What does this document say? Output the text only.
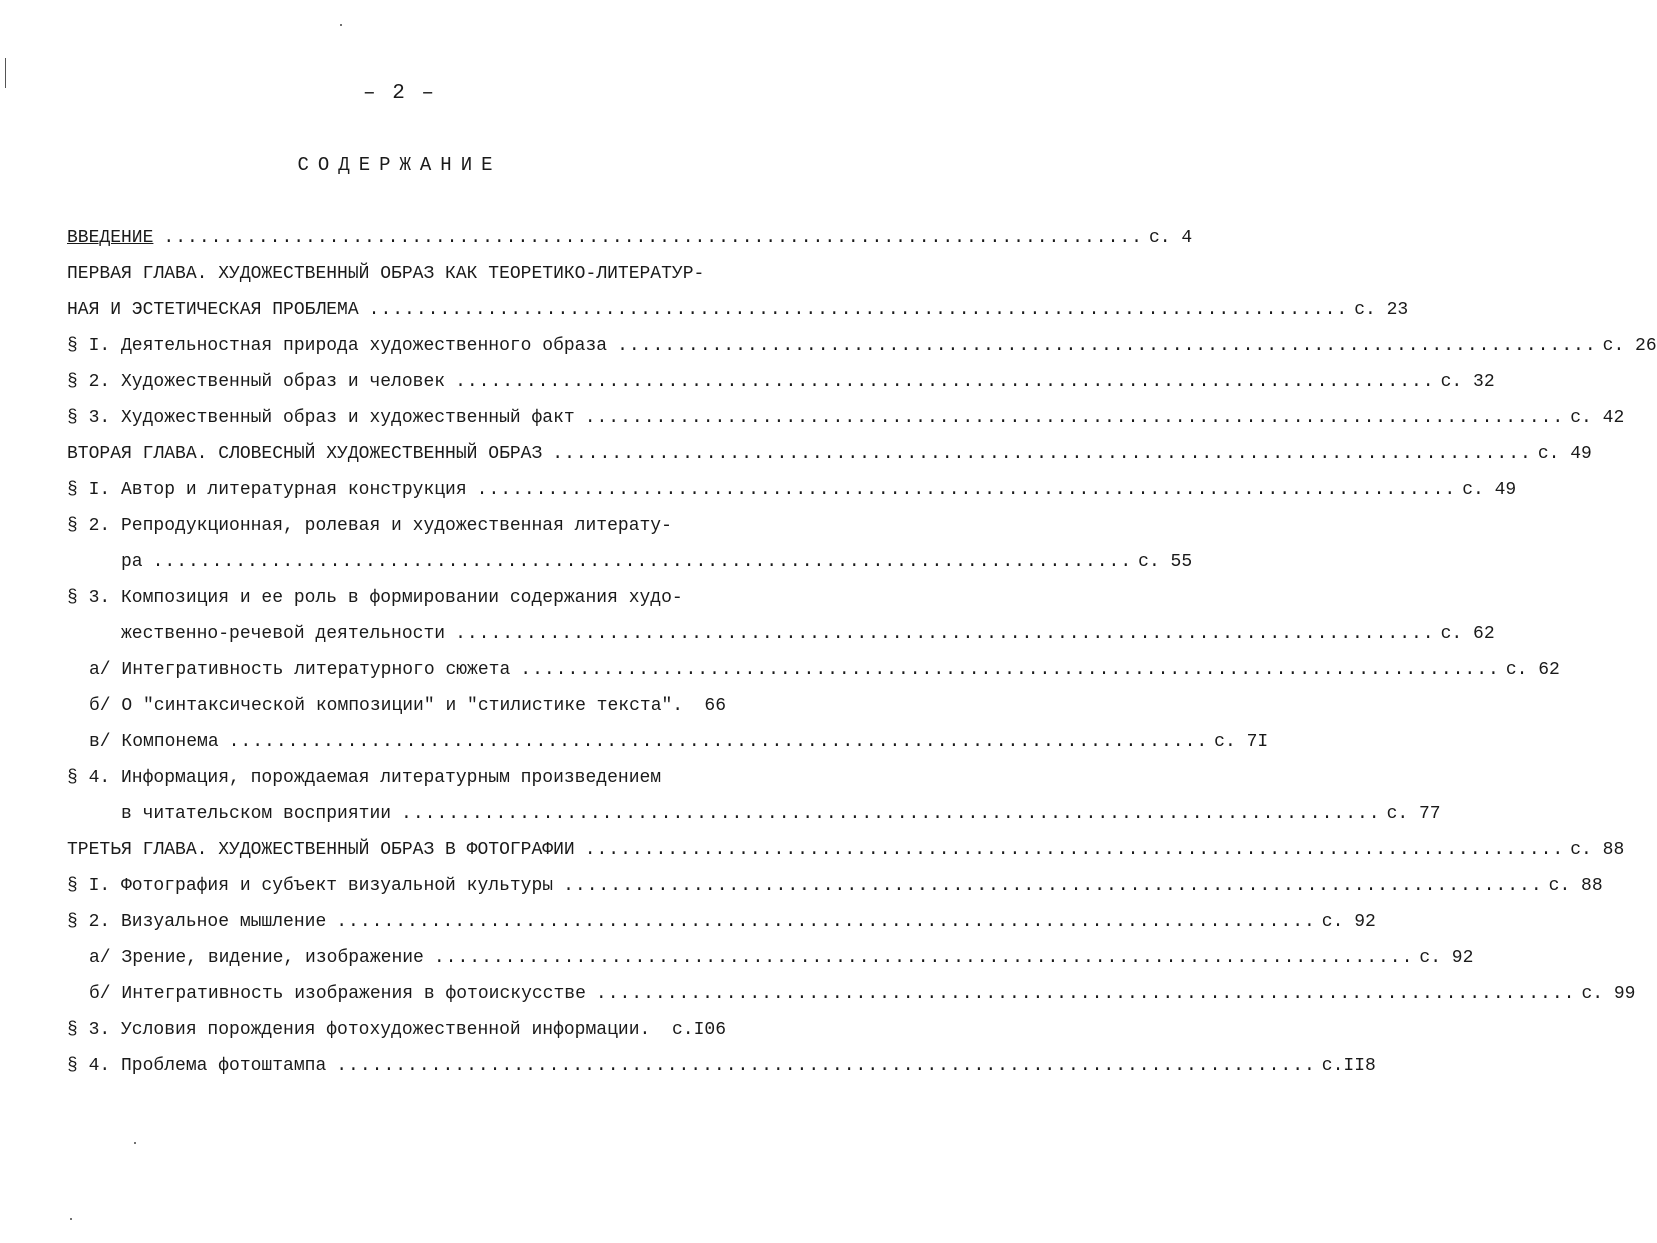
– 2 –
СОДЕРЖАНИЕ
ВВЕДЕНИЕ ................................................................................... с. 4
ПЕРВАЯ ГЛАВА. ХУДОЖЕСТВЕННЫЙ ОБРАЗ КАК ТЕОРЕТИКО-ЛИТЕРАТУР-
НАЯ И ЭСТЕТИЧЕСКАЯ ПРОБЛЕМА ................................................................................... с. 23
§ I. Деятельностная природа художественного образа ................................................................................... с. 26
§ 2. Художественный образ и человек ................................................................................... с. 32
§ 3. Художественный образ и художественный факт ................................................................................... с. 42
ВТОРАЯ ГЛАВА. СЛОВЕСНЫЙ ХУДОЖЕСТВЕННЫЙ ОБРАЗ ................................................................................... с. 49
§ I. Автор и литературная конструкция ................................................................................... с. 49
§ 2. Репродукционная, ролевая и художественная литерату-
ра ................................................................................... с. 55
§ 3. Композиция и ее роль в формировании содержания худо-
жественно-речевой деятельности ................................................................................... с. 62
а/ Интегративность литературного сюжета ................................................................................... с. 62
б/ О "синтаксической композиции" и "стилистике текста". 66
в/ Компонема ................................................................................... с. 7I
§ 4. Информация, порождаемая литературным произведением
в читательском восприятии ................................................................................... с. 77
ТРЕТЬЯ ГЛАВА. ХУДОЖЕСТВЕННЫЙ ОБРАЗ В ФОТОГРАФИИ ................................................................................... с. 88
§ I. Фотография и субъект визуальной культуры ................................................................................... с. 88
§ 2. Визуальное мышление ................................................................................... с. 92
а/ Зрение, видение, изображение ................................................................................... с. 92
б/ Интегративность изображения в фотоискусстве ................................................................................... с. 99
§ 3. Условия порождения фотохудожественной информации. с.I06
§ 4. Проблема фотоштампа ................................................................................... с.II8
